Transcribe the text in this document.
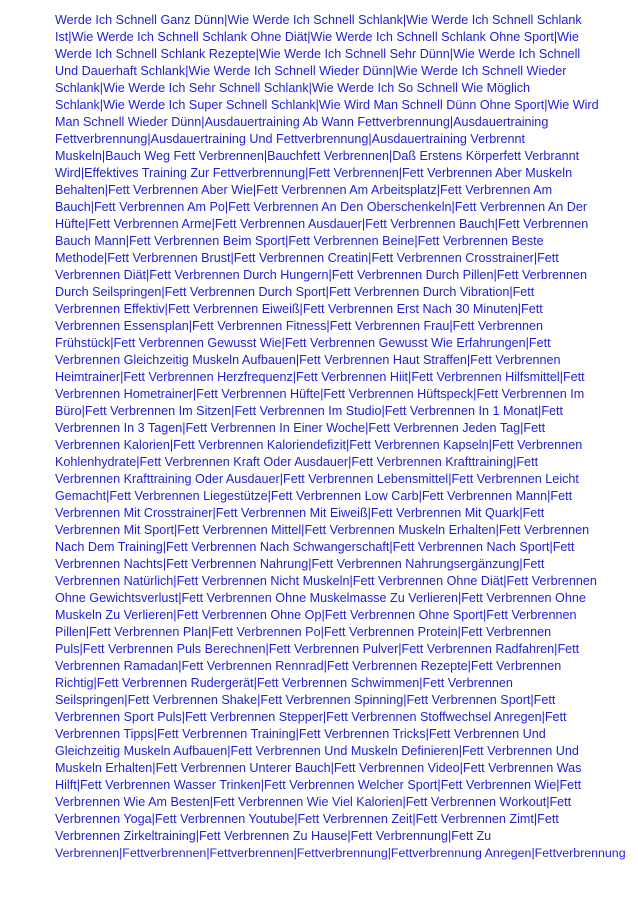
Werde Ich Schnell Ganz Dünn|Wie Werde Ich Schnell Schlank|Wie Werde Ich Schnell Schlank
Ist|Wie Werde Ich Schnell Schlank Ohne Diät|Wie Werde Ich Schnell Schlank Ohne Sport|Wie
Werde Ich Schnell Schlank Rezepte|Wie Werde Ich Schnell Sehr Dünn|Wie Werde Ich Schnell
Und Dauerhaft Schlank|Wie Werde Ich Schnell Wieder Dünn|Wie Werde Ich Schnell Wieder
Schlank|Wie Werde Ich Sehr Schnell Schlank|Wie Werde Ich So Schnell Wie Möglich
Schlank|Wie Werde Ich Super Schnell Schlank|Wie Wird Man Schnell Dünn Ohne Sport|Wie Wird
Man Schnell Wieder Dünn|Ausdauertraining Ab Wann Fettverbrennung|Ausdauertraining
Fettverbrennung|Ausdauertraining Und Fettverbrennung|Ausdauertraining Verbrennt
Muskeln|Bauch Weg Fett Verbrennen|Bauchfett Verbrennen|Daß Erstens Körperfett Verbrannt
Wird|Effektives Training Zur Fettverbrennung|Fett Verbrennen|Fett Verbrennen Aber Muskeln
Behalten|Fett Verbrennen Aber Wie|Fett Verbrennen Am Arbeitsplatz|Fett Verbrennen Am
Bauch|Fett Verbrennen Am Po|Fett Verbrennen An Den Oberschenkeln|Fett Verbrennen An Der
Hüfte|Fett Verbrennen Arme|Fett Verbrennen Ausdauer|Fett Verbrennen Bauch|Fett Verbrennen
Bauch Mann|Fett Verbrennen Beim Sport|Fett Verbrennen Beine|Fett Verbrennen Beste
Methode|Fett Verbrennen Brust|Fett Verbrennen Creatin|Fett Verbrennen Crosstrainer|Fett
Verbrennen Diät|Fett Verbrennen Durch Hungern|Fett Verbrennen Durch Pillen|Fett Verbrennen
Durch Seilspringen|Fett Verbrennen Durch Sport|Fett Verbrennen Durch Vibration|Fett
Verbrennen Effektiv|Fett Verbrennen Eiweiß|Fett Verbrennen Erst Nach 30 Minuten|Fett
Verbrennen Essensplan|Fett Verbrennen Fitness|Fett Verbrennen Frau|Fett Verbrennen
Frühstück|Fett Verbrennen Gewusst Wie|Fett Verbrennen Gewusst Wie Erfahrungen|Fett
Verbrennen Gleichzeitig Muskeln Aufbauen|Fett Verbrennen Haut Straffen|Fett Verbrennen
Heimtrainer|Fett Verbrennen Herzfrequenz|Fett Verbrennen Hiit|Fett Verbrennen Hilfsmittel|Fett
Verbrennen Hometrainer|Fett Verbrennen Hüfte|Fett Verbrennen Hüftspeck|Fett Verbrennen Im
Büro|Fett Verbrennen Im Sitzen|Fett Verbrennen Im Studio|Fett Verbrennen In 1 Monat|Fett
Verbrennen In 3 Tagen|Fett Verbrennen In Einer Woche|Fett Verbrennen Jeden Tag|Fett
Verbrennen Kalorien|Fett Verbrennen Kaloriendefizit|Fett Verbrennen Kapseln|Fett Verbrennen
Kohlenhydrate|Fett Verbrennen Kraft Oder Ausdauer|Fett Verbrennen Krafttraining|Fett
Verbrennen Krafttraining Oder Ausdauer|Fett Verbrennen Lebensmittel|Fett Verbrennen Leicht
Gemacht|Fett Verbrennen Liegestütze|Fett Verbrennen Low Carb|Fett Verbrennen Mann|Fett
Verbrennen Mit Crosstrainer|Fett Verbrennen Mit Eiweiß|Fett Verbrennen Mit Quark|Fett
Verbrennen Mit Sport|Fett Verbrennen Mittel|Fett Verbrennen Muskeln Erhalten|Fett Verbrennen
Nach Dem Training|Fett Verbrennen Nach Schwangerschaft|Fett Verbrennen Nach Sport|Fett
Verbrennen Nachts|Fett Verbrennen Nahrung|Fett Verbrennen Nahrungsergänzung|Fett
Verbrennen Natürlich|Fett Verbrennen Nicht Muskeln|Fett Verbrennen Ohne Diät|Fett Verbrennen
Ohne Gewichtsverlust|Fett Verbrennen Ohne Muskelmasse Zu Verlieren|Fett Verbrennen Ohne
Muskeln Zu Verlieren|Fett Verbrennen Ohne Op|Fett Verbrennen Ohne Sport|Fett Verbrennen
Pillen|Fett Verbrennen Plan|Fett Verbrennen Po|Fett Verbrennen Protein|Fett Verbrennen
Puls|Fett Verbrennen Puls Berechnen|Fett Verbrennen Pulver|Fett Verbrennen Radfahren|Fett
Verbrennen Ramadan|Fett Verbrennen Rennrad|Fett Verbrennen Rezepte|Fett Verbrennen
Richtig|Fett Verbrennen Rudergerät|Fett Verbrennen Schwimmen|Fett Verbrennen
Seilspringen|Fett Verbrennen Shake|Fett Verbrennen Spinning|Fett Verbrennen Sport|Fett
Verbrennen Sport Puls|Fett Verbrennen Stepper|Fett Verbrennen Stoffwechsel Anregen|Fett
Verbrennen Tipps|Fett Verbrennen Training|Fett Verbrennen Tricks|Fett Verbrennen Und
Gleichzeitig Muskeln Aufbauen|Fett Verbrennen Und Muskeln Definieren|Fett Verbrennen Und
Muskeln Erhalten|Fett Verbrennen Unterer Bauch|Fett Verbrennen Video|Fett Verbrennen Was
Hilft|Fett Verbrennen Wasser Trinken|Fett Verbrennen Welcher Sport|Fett Verbrennen Wie|Fett
Verbrennen Wie Am Besten|Fett Verbrennen Wie Viel Kalorien|Fett Verbrennen Workout|Fett
Verbrennen Yoga|Fett Verbrennen Youtube|Fett Verbrennen Zeit|Fett Verbrennen Zimt|Fett
Verbrennen Zirkeltraining|Fett Verbrennen Zu Hause|Fett Verbrennung|Fett Zu
Verbrennen|Fettverbrennen|Fettverbrennen|Fettverbrennung|Fettverbrennung Anregen|Fettverbrennung
